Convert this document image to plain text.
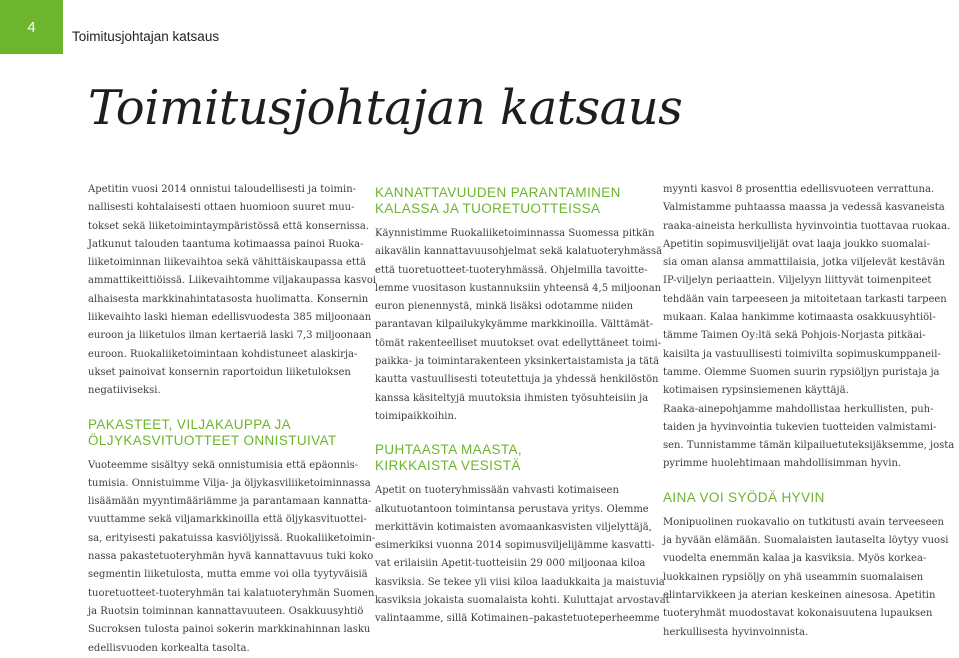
4
Toimitusjohtajan katsaus
Toimitusjohtajan katsaus
Apetitin vuosi 2014 onnistui taloudellisesti ja toimin-
nallisesti kohtalaisesti ottaen huomioon suuret muu-
tokset sekä liiketoimintaympäristössä että konsernissa.
Jatkunut talouden taantuma kotimaassa painoi Ruoka-
liiketoiminnan liikevaihtoa sekä vähittäiskaupassa että
ammattikeittiöissä. Liikevaihtomme viljakaupassa kasvoi
alhaisesta markkinahintatasosta huolimatta. Konsernin
liikevaihto laski hieman edellisvuodesta 385 miljoonaan
euroon ja liiketulos ilman kertaeriä laski 7,3 miljoonaan
euroon. Ruokaliiketoimintaan kohdistuneet alaskirja-
ukset painoivat konsernin raportoidun liiketuloksen
negatiiviseksi.
PAKASTEET, VILJAKAUPPA JA
ÖLJYKASVITUOTTEET ONNISTUIVAT
Vuoteemme sisältyy sekä onnistumisia että epäonnis-
tumisia. Onnistuimme Vilja- ja öljykasviliiketoiminnassa
lisäämään myyntimääriämme ja parantamaan kannatta-
vuuttamme sekä viljamarkkinoilla että öljykasvituottei-
sa, erityisesti pakatuissa kasviöljyissä. Ruokaliiketoimin-
nassa pakastetuoteryhmän hyvä kannattavuus tuki koko
segmentin liiketulosta, mutta emme voi olla tyytyväisiä
tuoretuotteet-tuoteryhmän tai kalatuoteryhmän Suomen
ja Ruotsin toiminnan kannattavuuteen. Osakkuusyhtiö
Sucroksen tulosta painoi sokerin markkinahinnan lasku
edellisvuoden korkealta tasolta.
KANNATTAVUUDEN PARANTAMINEN
KALASSA JA TUORETUOTTEISSA
Käynnistimme Ruokaliiketoiminnassa Suomessa pitkän
aikavälin kannattavuusohjelmat sekä kalatuoteryhmässä
että tuoretuotteet-tuoteryhmässä. Ohjelmilla tavoitte-
lemme vuositason kustannuksiin yhteensä 4,5 miljoonan
euron pienennystä, minkä lisäksi odotamme niiden
parantavan kilpailukykyämme markkinoilla. Välttämät-
tömät rakenteelliset muutokset ovat edellyttäneet toimi-
paikka- ja toimintarakenteen yksinkertaistamista ja tätä
kautta vastuullisesti toteutettuja ja yhdessä henkilöstön
kanssa käsiteltyjä muutoksia ihmisten työsuhteisiin ja
toimipaikkoihin.
PUHTAASTA MAASTA,
KIRKKAISTA VESISTÄ
Apetit on tuoteryhmissään vahvasti kotimaiseen
alkutuotantoon toimintansa perustava yritys. Olemme
merkittävin kotimaisten avomaankasvisten viljelyttäjä,
esimerkiksi vuonna 2014 sopimusviljelijämme kasvatti-
vat erilaisiin Apetit-tuotteisiin 29 000 miljoonaa kiloa
kasviksia. Se tekee yli viisi kiloa laadukkaita ja maistuvia
kasviksia jokaista suomalaista kohti. Kuluttajat arvostavat
valintaamme, sillä Kotimainen–pakastetuoteperheemme
myynti kasvoi 8 prosenttia edellisvuoteen verrattuna.
Valmistamme puhtaassa maassa ja vedessä kasvaneista
raaka-aineista herkullista hyvinvointia tuottavaa ruokaa.
Apetitin sopimusviljelijät ovat laaja joukko suomalai-
sia oman alansa ammattilaisia, jotka viljelevät kestävän
IP-viljelyn periaattein. Viljelyyn liittyvät toimenpiteet
tehdään vain tarpeeseen ja mitoitetaan tarkasti tarpeen
mukaan. Kalaa hankimme kotimaasta osakkuusyhtiöl-
tämme Taimen Oy:ltä sekä Pohjois-Norjasta pitkäai-
kaisilta ja vastuullisesti toimivilta sopimuskumppaneil-
tamme. Olemme Suomen suurin rypsiöljyn puristaja ja
kotimaisen rypsinsiemenen käyttäjä.
Raaka-ainepohjamme mahdollistaa herkullisten, puh-
taiden ja hyvinvointia tukevien tuotteiden valmistami-
sen. Tunnistamme tämän kilpailuetuteksijäksemme, josta
pyrimme huolehtimaan mahdollisimman hyvin.
AINA VOI SYÖDÄ HYVIN
Monipuolinen ruokavalio on tutkitusti avain terveeseen
ja hyvään elämään. Suomalaisten lautaselta löytyy vuosi
vuodelta enemmän kalaa ja kasviksia. Myös korkea-
luokkainen rypsiöljy on yhä useammin suomalaisen
elintarvikkeen ja aterian keskeinen ainesosa. Apetitin
tuoteryhmät muodostavat kokonaisuutena lupauksen
herkullisesta hyvinvoinnista.
